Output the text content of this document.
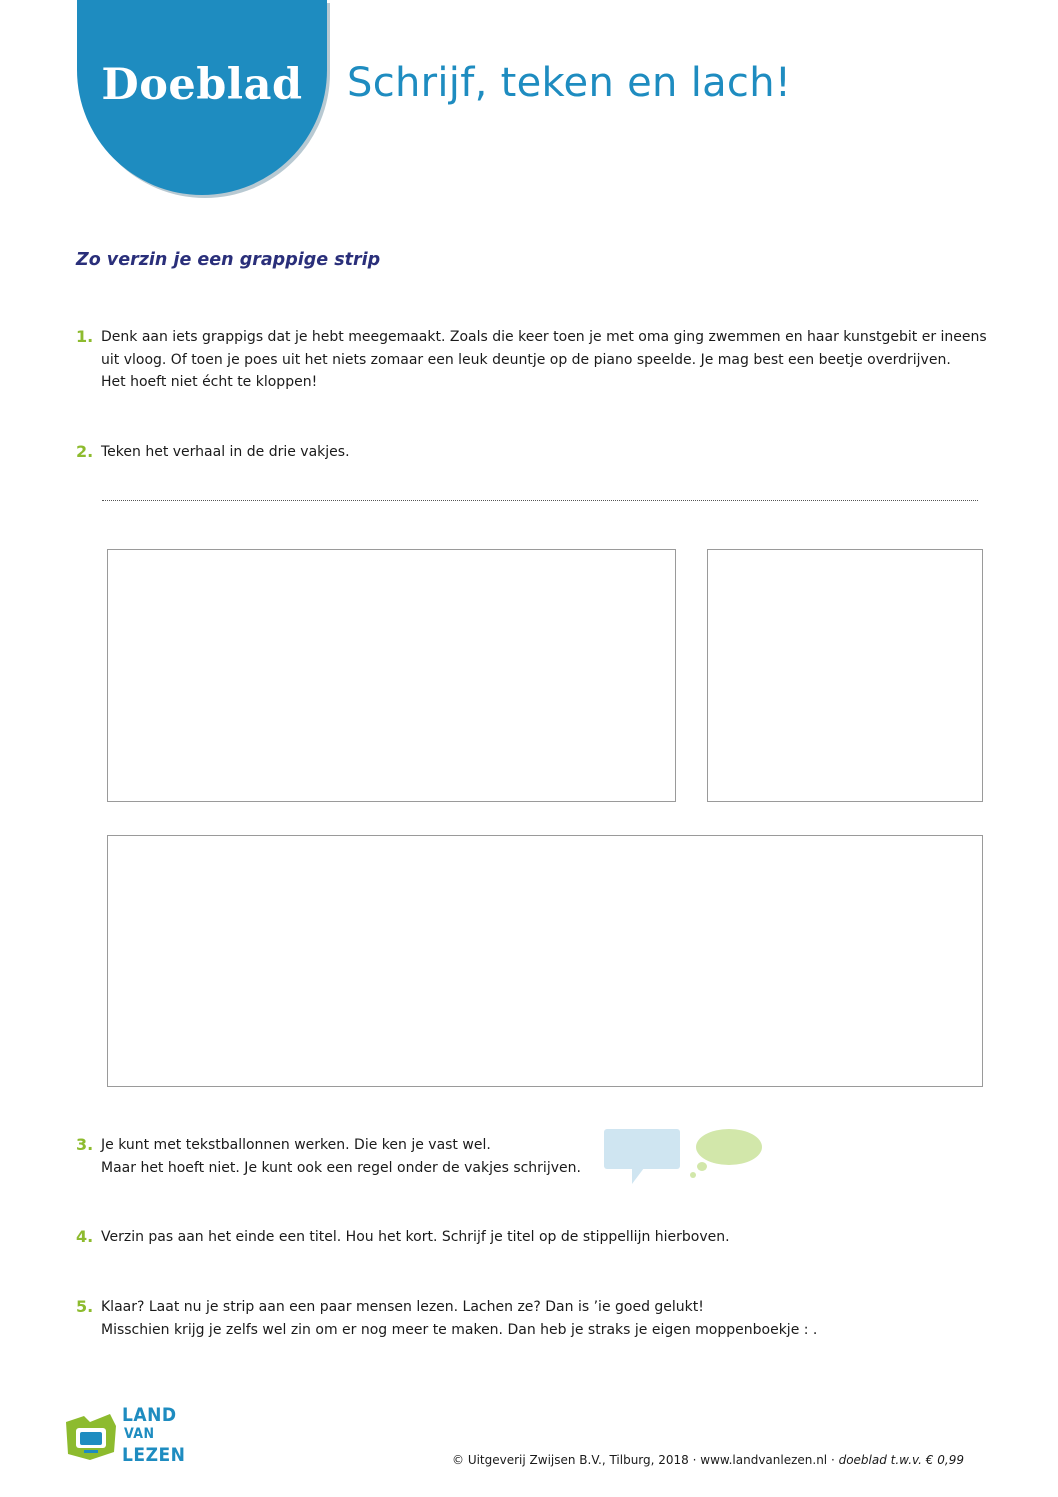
Doeblad	Schrijf, teken en lach!
Zo verzin je een grappige strip
1. Denk aan iets grappigs dat je hebt meegemaakt. Zoals die keer toen je met oma ging zwemmen en haar kunstgebit er ineens
uit vloog. Of toen je poes uit het niets zomaar een leuk deuntje op de piano speelde. Je mag best een beetje overdrijven.
Het hoeft niet écht te kloppen!
2. Teken het verhaal in de drie vakjes.
3. Je kunt met tekstballonnen werken. Die ken je vast wel.
Maar het hoeft niet. Je kunt ook een regel onder de vakjes schrijven.
4. Verzin pas aan het einde een titel. Hou het kort. Schrijf je titel op de stippellijn hierboven.
5. Klaar? Laat nu je strip aan een paar mensen lezen. Lachen ze? Dan is ’ie goed gelukt!
Misschien krijg je zelfs wel zin om er nog meer te maken. Dan heb je straks je eigen moppenboekje : .
LAND
VAN
LEZEN	© Uitgeverij Zwijsen B.V., Tilburg, 2018 · www.landvanlezen.nl · doeblad t.w.v. € 0,99
